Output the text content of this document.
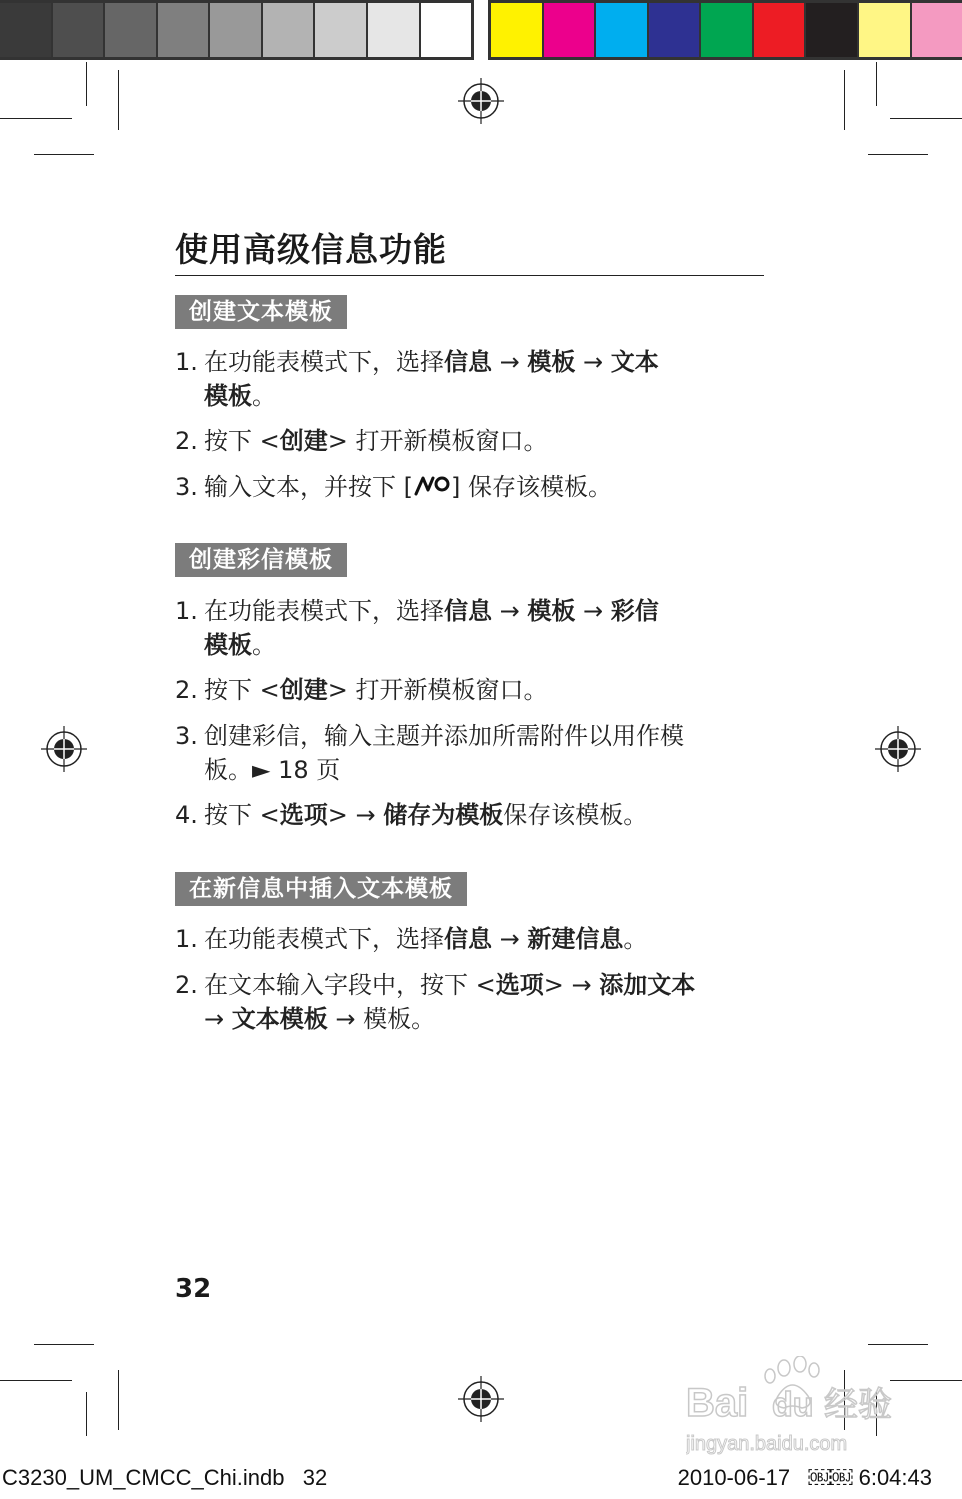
使用高级信息功能
创建文本模板
1. 在功能表模式下，选择信息 → 模板 → 文本
模板。
2. 按下 <创建> 打开新模板窗口。
3. 输入文本，并按下 [ ] 保存该模板。
创建彩信模板
1. 在功能表模式下，选择信息 → 模板 → 彩信
模板。
2. 按下 <创建> 打开新模板窗口。
3. 创建彩信，输入主题并添加所需附件以用作模
板。► 18 页
4. 按下 <选项> → 储存为模板保存该模板。
在新信息中插入文本模板
1. 在功能表模式下，选择信息 → 新建信息。
2. 在文本输入字段中，按下 <选项> → 添加文本
→ 文本模板 → 模板。
32
Bai du 经验
jingyan.baidu.com
C3230_UM_CMCC_Chi.indb   32	2010-06-17   ￼￼ 6:04:43
